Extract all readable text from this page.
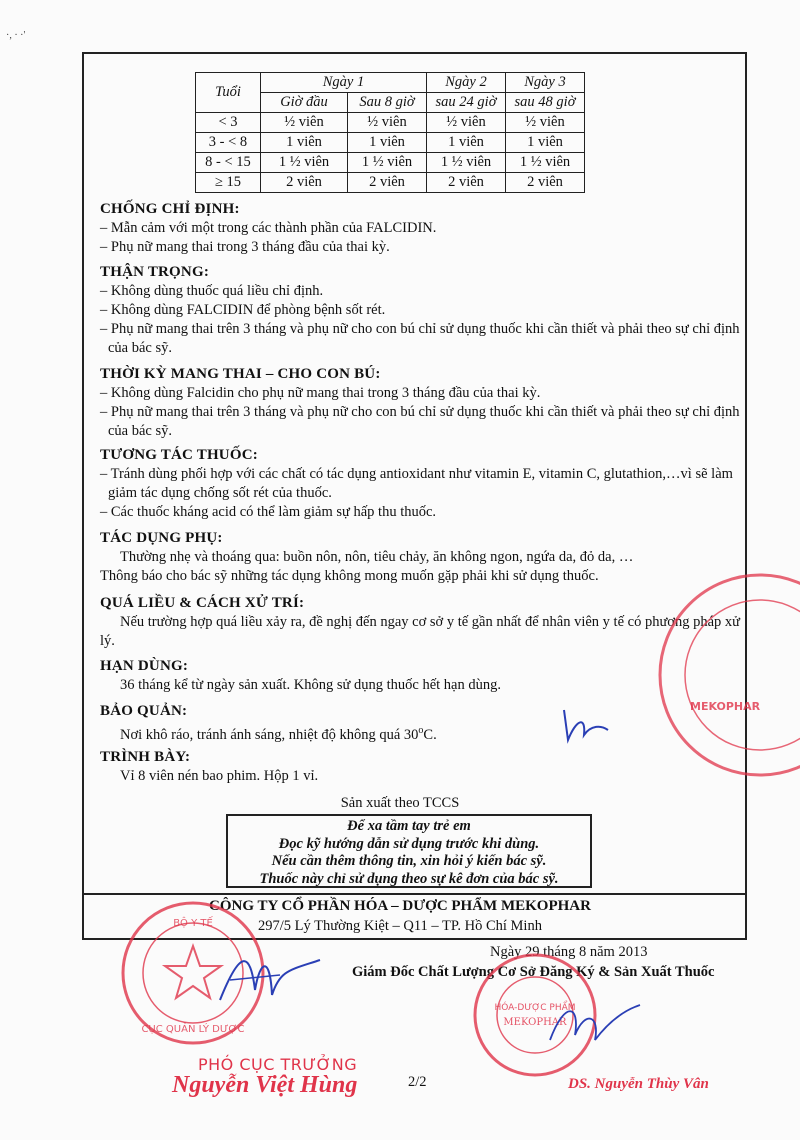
·, · ·'
Tuổi	Ngày 1		Ngày 2	Ngày 3
	Giờ đầu	Sau 8 giờ	sau 24 giờ	sau 48 giờ
< 3	½ viên	½ viên	½ viên	½ viên
3 - < 8	1 viên	1 viên	1 viên	1 viên
8 - < 15	1 ½ viên	1 ½ viên	1 ½ viên	1 ½ viên
≥ 15	2 viên	2 viên	2 viên	2 viên
CHỐNG CHỈ ĐỊNH:
– Mẫn cảm với một trong các thành phần của FALCIDIN.
– Phụ nữ mang thai trong 3 tháng đầu của thai kỳ.
THẬN TRỌNG:
– Không dùng thuốc quá liều chỉ định.
– Không dùng FALCIDIN để phòng bệnh sốt rét.
– Phụ nữ mang thai trên 3 tháng và phụ nữ cho con bú chỉ sử dụng thuốc khi cần thiết và phải theo sự chỉ định của bác sỹ.
THỜI KỲ MANG THAI – CHO CON BÚ:
– Không dùng Falcidin cho phụ nữ mang thai trong 3 tháng đầu của thai kỳ.
– Phụ nữ mang thai trên 3 tháng và phụ nữ cho con bú chỉ sử dụng thuốc khi cần thiết và phải theo sự chỉ định của bác sỹ.
TƯƠNG TÁC THUỐC:
– Tránh dùng phối hợp với các chất có tác dụng antioxidant như vitamin E, vitamin C, glutathion,…vì sẽ làm giảm tác dụng chống sốt rét của thuốc.
– Các thuốc kháng acid có thể làm giảm sự hấp thu thuốc.
TÁC DỤNG PHỤ:
Thường nhẹ và thoáng qua: buồn nôn, nôn, tiêu chảy, ăn không ngon, ngứa da, đỏ da, …
Thông báo cho bác sỹ những tác dụng không mong muốn gặp phải khi sử dụng thuốc.
QUÁ LIỀU & CÁCH XỬ TRÍ:
Nếu trường hợp quá liều xảy ra, đề nghị đến ngay cơ sở y tế gần nhất để nhân viên y tế có phương pháp xử lý.
HẠN DÙNG:
36 tháng kể từ ngày sản xuất. Không sử dụng thuốc hết hạn dùng.
BẢO QUẢN:
Nơi khô ráo, tránh ánh sáng, nhiệt độ không quá 30$^o$C.
TRÌNH BÀY:
Vỉ 8 viên nén bao phim. Hộp 1 vỉ.
Sản xuất theo TCCS
Để xa tầm tay trẻ em
Đọc kỹ hướng dẫn sử dụng trước khi dùng.
Nếu cần thêm thông tin, xin hỏi ý kiến bác sỹ.
Thuốc này chỉ sử dụng theo sự kê đơn của bác sỹ.
CÔNG TY CỔ PHẦN HÓA – DƯỢC PHẨM MEKOPHAR
297/5 Lý Thường Kiệt – Q11 – TP. Hồ Chí Minh
Ngày 29 tháng 8 năm 2013
Giám Đốc Chất Lượng Cơ Sở Đăng Ký & Sản Xuất Thuốc
BỘ Y TẾ
CỤC QUẢN LÝ DƯỢC
HÓA-DƯỢC PHẨM
MEKOPHAR
MEKOPHAR
PHÓ CỤC TRƯỞNG
Nguyễn Việt Hùng	2/2	DS. Nguyễn Thùy Vân
